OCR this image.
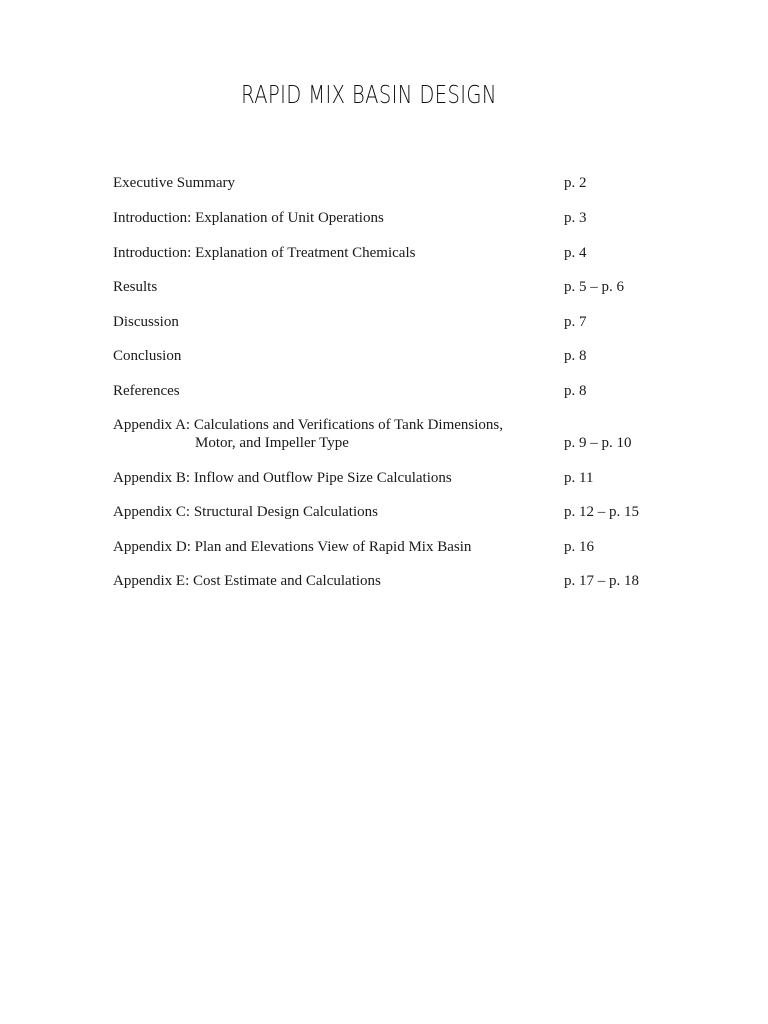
RAPID MIX BASIN DESIGN
Executive Summary	p. 2
Introduction: Explanation of Unit Operations	p. 3
Introduction: Explanation of Treatment Chemicals	p. 4
Results	p. 5 – p. 6
Discussion	p. 7
Conclusion	p. 8
References	p. 8
Appendix A: Calculations and Verifications of Tank Dimensions,
Motor, and Impeller Type	p. 9 – p. 10
Appendix B: Inflow and Outflow Pipe Size Calculations	p. 11
Appendix C: Structural Design Calculations	p. 12 – p. 15
Appendix D: Plan and Elevations View of Rapid Mix Basin	p. 16
Appendix E: Cost Estimate and Calculations	p. 17 – p. 18
